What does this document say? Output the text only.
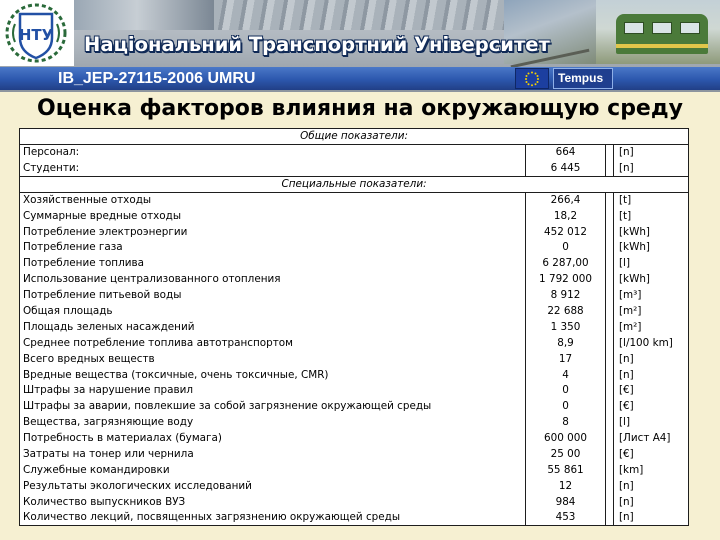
НТУ Національний Транспортний Університет
IB_JEP-27115-2006 UMRU	Tempus
Оценка факторов влияния на окружающую среду
Общие показатели:			
Персонал:	664		[n]
Студенти:	6 445		[n]
Специальные показатели:			
Хозяйственные отходы	266,4		[t]
Суммарные вредные отходы	18,2		[t]
Потребление электроэнергии	452 012		[kWh]
Потребление газа	0		[kWh]
Потребление топлива	6 287,00		[l]
Использование централизованного отопления	1 792 000		[kWh]
Потребление питьевой воды	8 912		[m³]
Общая площадь	22 688		[m²]
Площадь зеленых насаждений	1 350		[m²]
Среднее потребление топлива автотранспортом	8,9		[l/100 km]
Всего вредных веществ	17		[n]
Вредные вещества (токсичные, очень токсичные, CMR)	4		[n]
Штрафы за нарушение правил	0		[€]
Штрафы за аварии, повлекшие за собой загрязнение окружающей среды	0		[€]
Вещества, загрязняющие воду	8		[l]
Потребность в материалах (бумага)	600 000		[Лист А4]
Затраты на тонер или чернила	25 00		[€]
Служебные командировки	55 861		[km]
Результаты экологических исследований	12		[n]
Количество выпускников ВУЗ	984		[n]
Количество лекций, посвященных загрязнению окружающей среды	453		[n]
